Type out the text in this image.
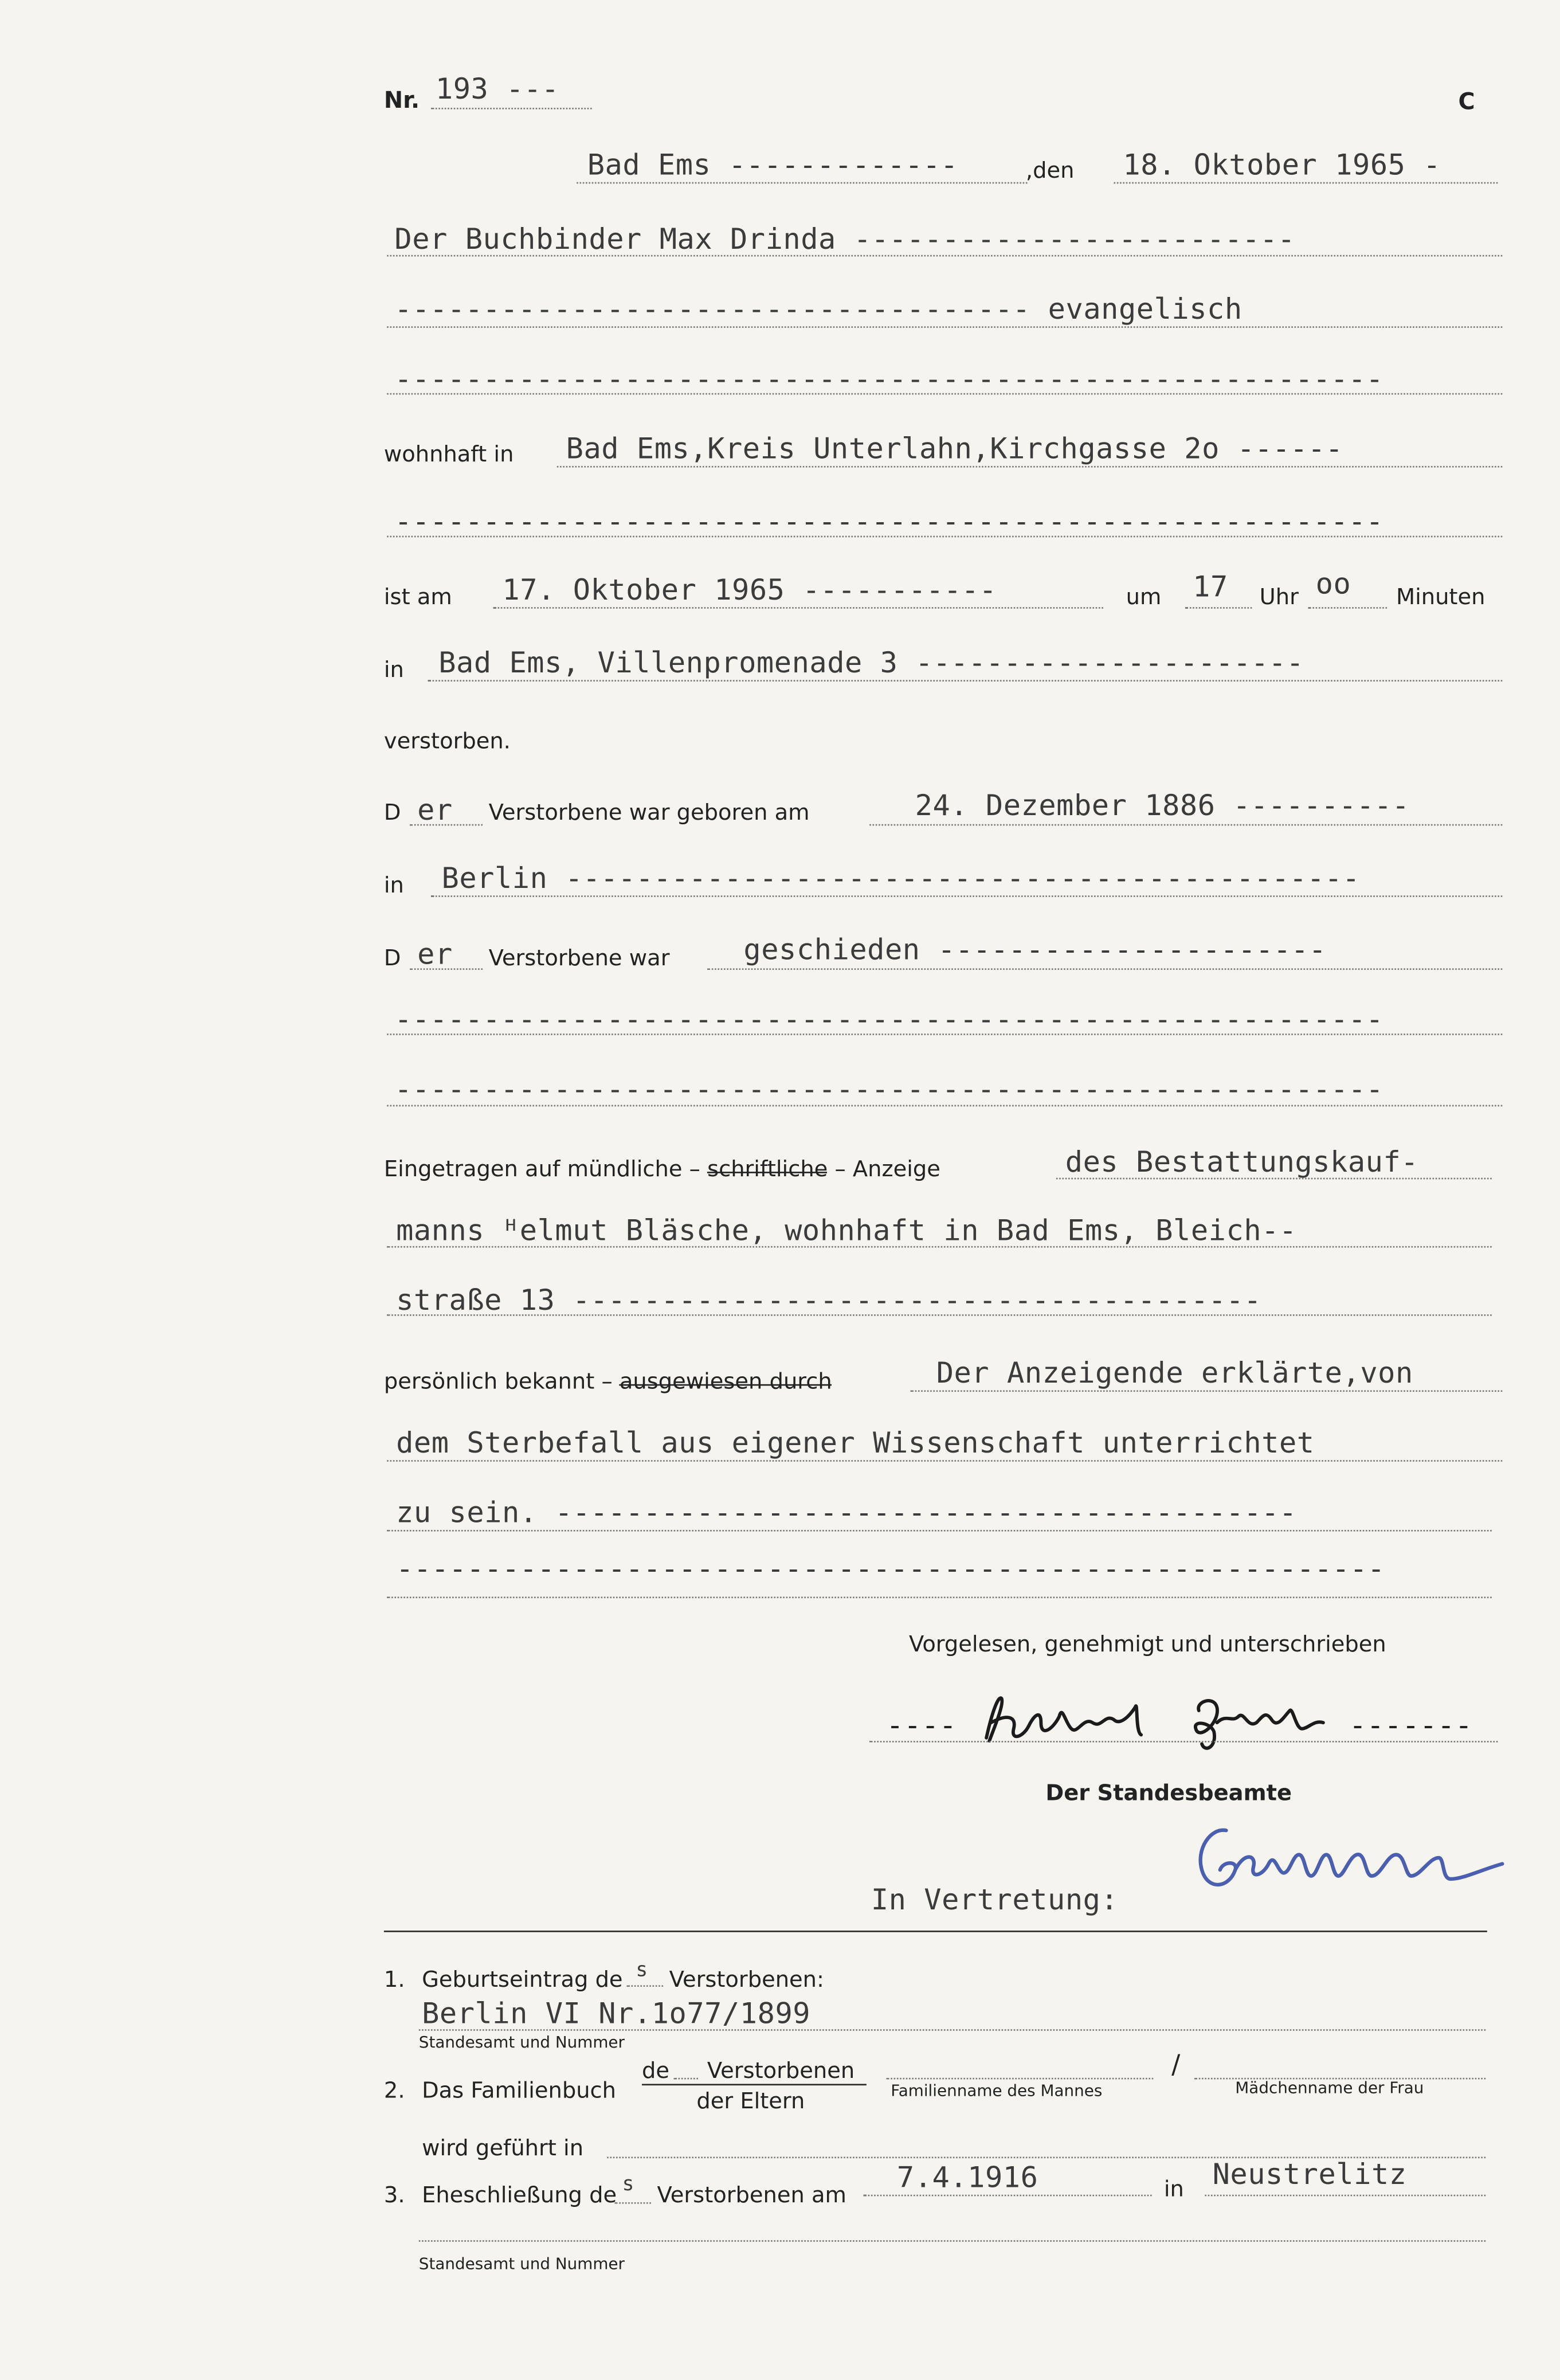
Nr. 193 ---	C
Bad Ems -------------	,den	18. Oktober 1965 -
Der Buchbinder Max Drinda -------------------------
------------------------------------ evangelisch
--------------------------------------------------------
wohnhaft in	Bad Ems,Kreis Unterlahn,Kirchgasse 2o ------
--------------------------------------------------------
ist am	17. Oktober 1965 -----------	um	17	Uhr oo	Minuten
in	Bad Ems, Villenpromenade 3 ----------------------
verstorben.
D er	Verstorbene war geboren am	24. Dezember 1886 ----------
in	Berlin ---------------------------------------------
D er	Verstorbene war	geschieden ----------------------
--------------------------------------------------------
--------------------------------------------------------
Eingetragen auf mündliche – schriftliche – Anzeige	des Bestattungskauf-
manns ᴴelmut Bläsche, wohnhaft in Bad Ems, Bleich--
straße 13 ---------------------------------------
persönlich bekannt – ausgewiesen durch	Der Anzeigende erklärte,von
dem Sterbefall aus eigener Wissenschaft unterrichtet
zu sein. ------------------------------------------
--------------------------------------------------------
Vorgelesen, genehmigt und unterschrieben
----	-------
Der Standesbeamte
In Vertretung:
1. Geburtseintrag de s	Verstorbenen:
Berlin VI Nr.1o77/1899
Standesamt und Nummer
2. Das Familienbuch
de	Verstorbenen
der Eltern	Familienname des Mannes
/
Mädchenname der Frau
wird geführt in
3. Eheschließung de s	Verstorbenen am
7.4.1916	in	Neustrelitz
Standesamt und Nummer
